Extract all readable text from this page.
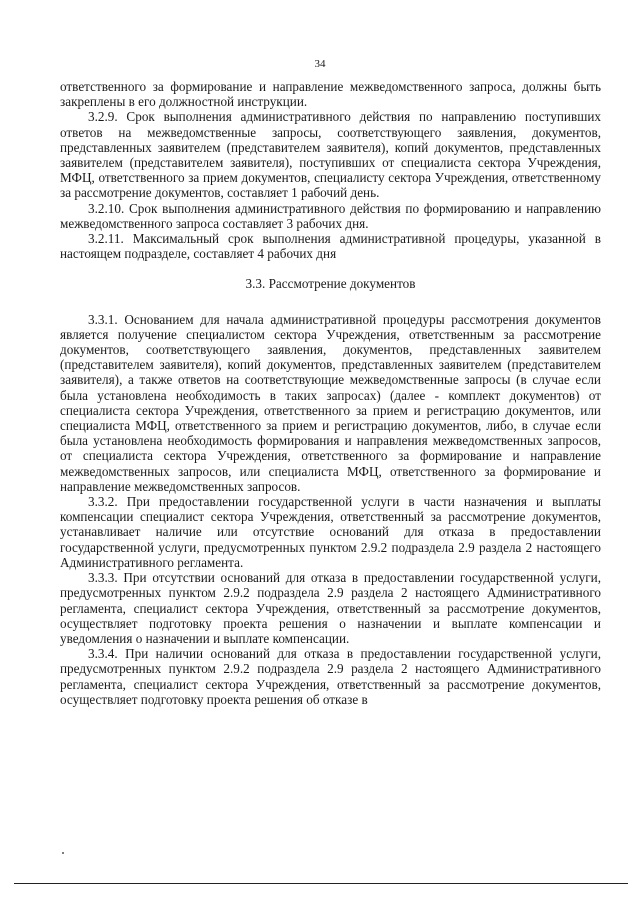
34

ответственного за формирование и направление межведомственного запроса, должны быть закреплены в его должностной инструкции.

3.2.9. Срок выполнения административного действия по направлению поступивших ответов на межведомственные запросы, соответствующего заявления, документов, представленных заявителем (представителем заявителя), копий документов, представленных заявителем (представителем заявителя), поступивших от специалиста сектора Учреждения, МФЦ, ответственного за прием документов, специалисту сектора Учреждения, ответственному за рассмотрение документов, составляет 1 рабочий день.

3.2.10. Срок выполнения административного действия по формированию и направлению межведомственного запроса составляет 3 рабочих дня.

3.2.11. Максимальный срок выполнения административной процедуры, указанной в настоящем подразделе, составляет 4 рабочих дня

3.3. Рассмотрение документов

3.3.1. Основанием для начала административной процедуры рассмотрения документов является получение специалистом сектора Учреждения, ответственным за рассмотрение документов, соответствующего заявления, документов, представленных заявителем (представителем заявителя), копий документов, представленных заявителем (представителем заявителя), а также ответов на соответствующие межведомственные запросы (в случае если была установлена необходимость в таких запросах) (далее - комплект документов) от специалиста сектора Учреждения, ответственного за прием и регистрацию документов, или специалиста МФЦ, ответственного за прием и регистрацию документов, либо, в случае если была установлена необходимость формирования и направления межведомственных запросов, от специалиста сектора Учреждения, ответственного за формирование и направление межведомственных запросов, или специалиста МФЦ, ответственного за формирование и направление межведомственных запросов.

3.3.2. При предоставлении государственной услуги в части назначения и выплаты компенсации специалист сектора Учреждения, ответственный за рассмотрение документов, устанавливает наличие или отсутствие оснований для отказа в предоставлении государственной услуги, предусмотренных пунктом 2.9.2 подраздела 2.9 раздела 2 настоящего Административного регламента.

3.3.3. При отсутствии оснований для отказа в предоставлении государственной услуги, предусмотренных пунктом 2.9.2 подраздела 2.9 раздела 2 настоящего Административного регламента, специалист сектора Учреждения, ответственный за рассмотрение документов, осуществляет подготовку проекта решения о назначении и выплате компенсации и уведомления о назначении и выплате компенсации.

3.3.4. При наличии оснований для отказа в предоставлении государственной услуги, предусмотренных пунктом 2.9.2 подраздела 2.9 раздела 2 настоящего Административного регламента, специалист сектора Учреждения, ответственный за рассмотрение документов, осуществляет подготовку проекта решения об отказе в
